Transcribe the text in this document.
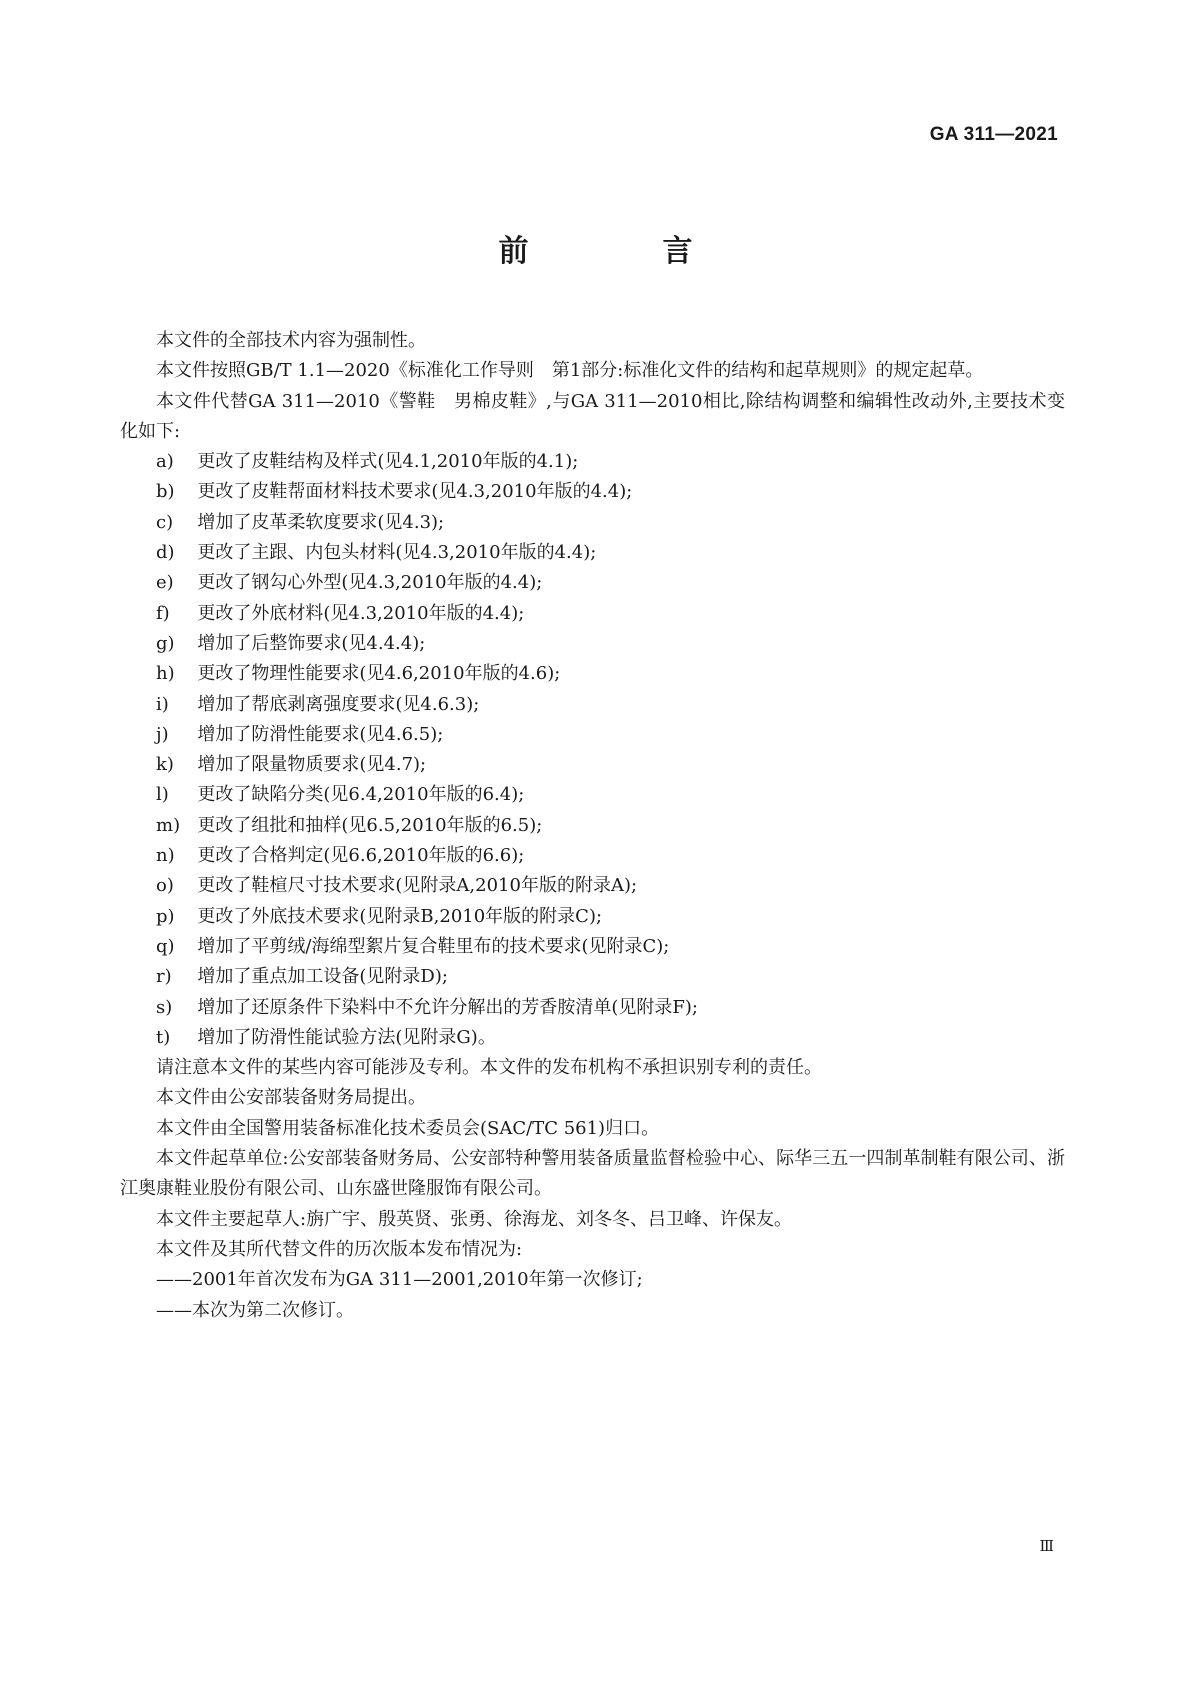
GA 311—2021
前　言

本文件的全部技术内容为强制性。

本文件按照GB/T 1.1—2020《标准化工作导则　第1部分:标准化文件的结构和起草规则》的规定起草。

本文件代替GA 311—2010《警鞋　男棉皮鞋》,与GA 311—2010相比,除结构调整和编辑性改动外,主要技术变化如下:

a) 更改了皮鞋结构及样式(见4.1,2010年版的4.1);

b) 更改了皮鞋帮面材料技术要求(见4.3,2010年版的4.4);

c) 增加了皮革柔软度要求(见4.3);

d) 更改了主跟、内包头材料(见4.3,2010年版的4.4);

e) 更改了钢勾心外型(见4.3,2010年版的4.4);

f) 更改了外底材料(见4.3,2010年版的4.4);

g) 增加了后整饰要求(见4.4.4);

h) 更改了物理性能要求(见4.6,2010年版的4.6);

i) 增加了帮底剥离强度要求(见4.6.3);

j) 增加了防滑性能要求(见4.6.5);

k) 增加了限量物质要求(见4.7);

l) 更改了缺陷分类(见6.4,2010年版的6.4);

m) 更改了组批和抽样(见6.5,2010年版的6.5);

n) 更改了合格判定(见6.6,2010年版的6.6);

o) 更改了鞋楦尺寸技术要求(见附录A,2010年版的附录A);

p) 更改了外底技术要求(见附录B,2010年版的附录C);

q) 增加了平剪绒/海绵型絮片复合鞋里布的技术要求(见附录C);

r) 增加了重点加工设备(见附录D);

s) 增加了还原条件下染料中不允许分解出的芳香胺清单(见附录F);

t) 增加了防滑性能试验方法(见附录G)。

请注意本文件的某些内容可能涉及专利。本文件的发布机构不承担识别专利的责任。

本文件由公安部装备财务局提出。

本文件由全国警用装备标准化技术委员会(SAC/TC 561)归口。

本文件起草单位:公安部装备财务局、公安部特种警用装备质量监督检验中心、际华三五一四制革制鞋有限公司、浙江奥康鞋业股份有限公司、山东盛世隆服饰有限公司。

本文件主要起草人:旃广宇、殷英贤、张勇、徐海龙、刘冬冬、吕卫峰、许保友。

本文件及其所代替文件的历次版本发布情况为:

——2001年首次发布为GA 311—2001,2010年第一次修订;

——本次为第二次修订。

Ⅲ
